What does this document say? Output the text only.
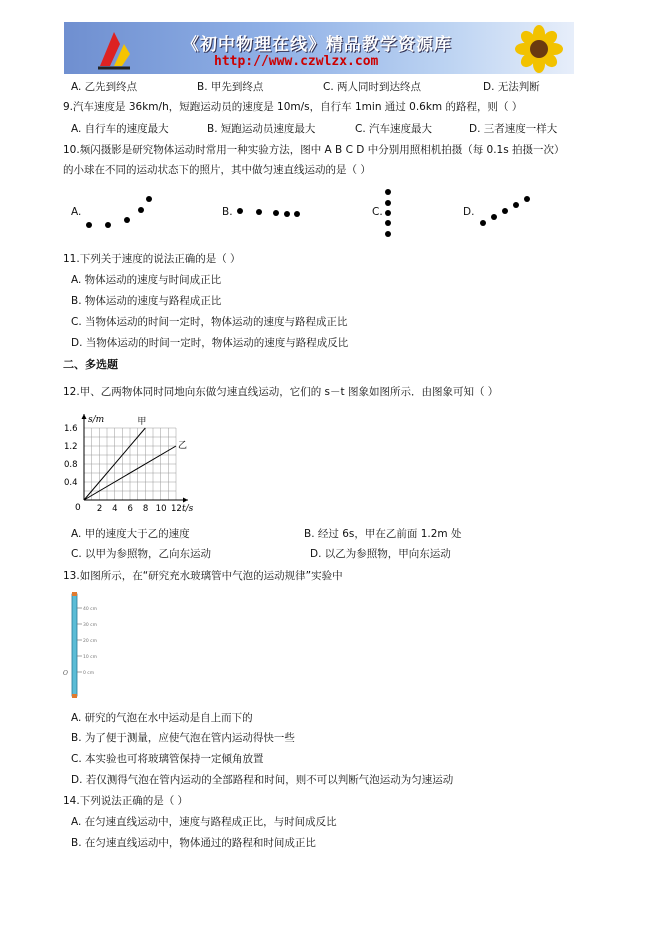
《初中物理在线》精品教学资源库
http://www.czwlzx.com
A. 乙先到终点	B. 甲先到终点	C. 两人同时到达终点	D. 无法判断
9.汽车速度是 36km/h，短跑运动员的速度是 10m/s，自行车 1min 通过 0.6km 的路程，则（ ）
A. 自行车的速度最大	B. 短跑运动员速度最大	C. 汽车速度最大	D. 三者速度一样大
10.频闪摄影是研究物体运动时常用一种实验方法，图中 A B C D 中分别用照相机拍摄（每 0.1s 拍摄一次）
的小球在不同的运动状态下的照片，其中做匀速直线运动的是（ ）
A.	B.	C.	D.
11.下列关于速度的说法正确的是（ ）
A. 物体运动的速度与时间成正比
B. 物体运动的速度与路程成正比
C. 当物体运动的时间一定时，物体运动的速度与路程成正比
D. 当物体运动的时间一定时，物体运动的速度与路程成反比
二、多选题
12.甲、乙两物体同时同地向东做匀速直线运动，它们的 s－t 图象如图所示．由图象可知（ ）
s/m
t/s
0
1.6
1.2
0.8
0.4
2 4 6 8 10 12
甲
乙
A. 甲的速度大于乙的速度	B. 经过 6s，甲在乙前面 1.2m 处
C. 以甲为参照物，乙向东运动	D. 以乙为参照物，甲向东运动
13.如图所示，在“研究充水玻璃管中气泡的运动规律”实验中
40 cm
30 cm
20 cm
10 cm
0 cm
O
A. 研究的气泡在水中运动是自上而下的
B. 为了便于测量，应使气泡在管内运动得快一些
C. 本实验也可将玻璃管保持一定倾角放置
D. 若仅测得气泡在管内运动的全部路程和时间，则不可以判断气泡运动为匀速运动
14.下列说法正确的是（ ）
A. 在匀速直线运动中，速度与路程成正比，与时间成反比
B. 在匀速直线运动中，物体通过的路程和时间成正比
